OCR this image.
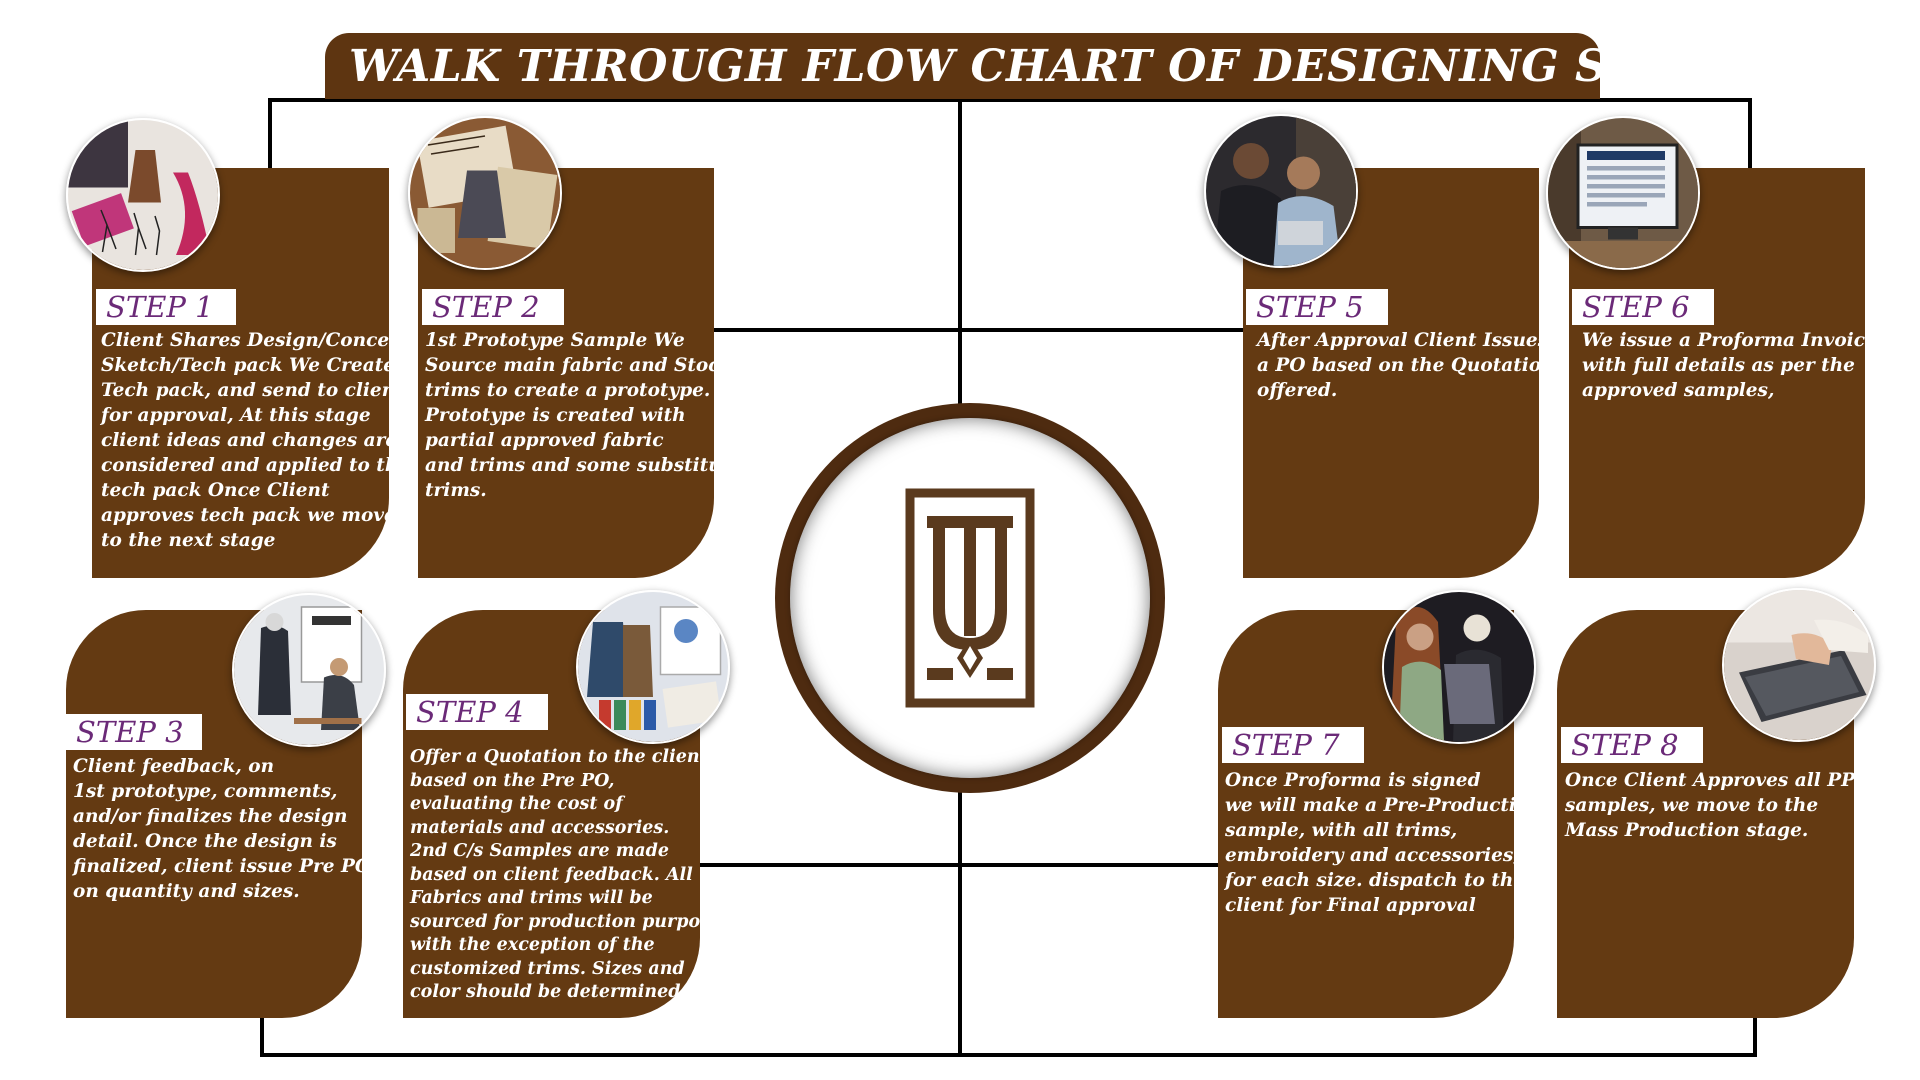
WALK THROUGH FLOW CHART OF DESIGNING STAGE
STEP 1
Client Shares Design/Concept/
Sketch/Tech pack We Create a
Tech pack, and send to client
for approval, At this stage
client ideas and changes are
considered and applied to the
tech pack Once Client
approves tech pack we move
to the next stage
STEP 2
1st Prototype Sample We
Source main fabric and Stock
trims to create a prototype.
Prototype is created with
partial approved fabric
and trims and some substitute
trims.
STEP 3
Client feedback, on
1st prototype, comments,
and/or finalizes the design
detail. Once the design is
finalized, client issue Pre PO
on quantity and sizes.
STEP 4
Offer a Quotation to the client
based on the Pre PO,
evaluating the cost of
materials and accessories.
2nd C/s Samples are made
based on client feedback. All
Fabrics and trims will be
sourced for production purpose,
with the exception of the
customized trims. Sizes and
color should be determined
STEP 5
After Approval Client Issues
a PO based on the Quotation
offered.
STEP 6
We issue a Proforma Invoice
with full details as per the
approved samples,
STEP 7
Once Proforma is signed
we will make a Pre-Production
sample, with all trims,
embroidery and accessories,
for each size. dispatch to the
client for Final approval
STEP 8
Once Client Approves all PPS
samples, we move to the
Mass Production stage.
